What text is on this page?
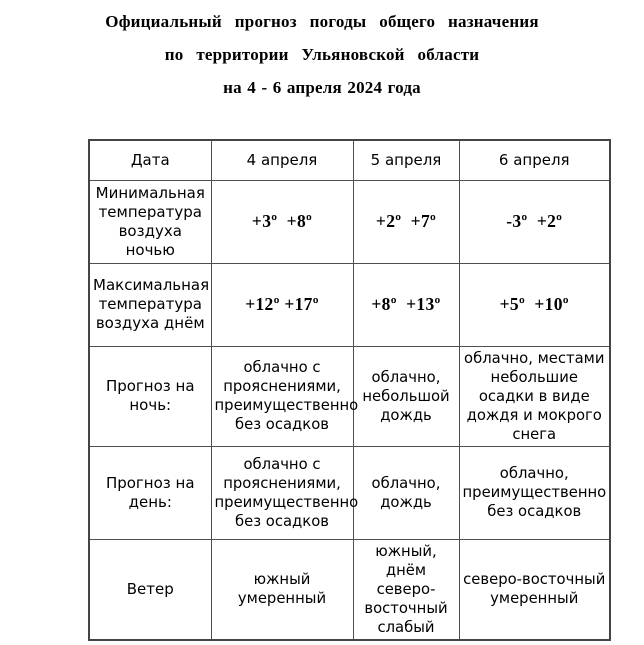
Официальный  прогноз  погоды  общего  назначения
по  территории  Ульяновской  области
на 4 - 6 апреля 2024 года
Дата	4 апреля	5 апреля	6 апреля
Минимальная температура воздуха ночью	+3º  +8º	+2º  +7º	-3º  +2º
Максимальная температура воздуха днём	+12º +17º	+8º  +13º	+5º  +10º
Прогноз на ночь:	облачно с прояснениями, преимущественно без осадков	облачно, небольшой дождь	облачно, местами небольшие осадки в виде дождя и мокрого снега
Прогноз на день:	облачно с прояснениями, преимущественно без осадков	облачно, дождь	облачно, преимущественно без осадков
Ветер	южный умеренный	южный, днём северо-восточный слабый	северо-восточный умеренный
